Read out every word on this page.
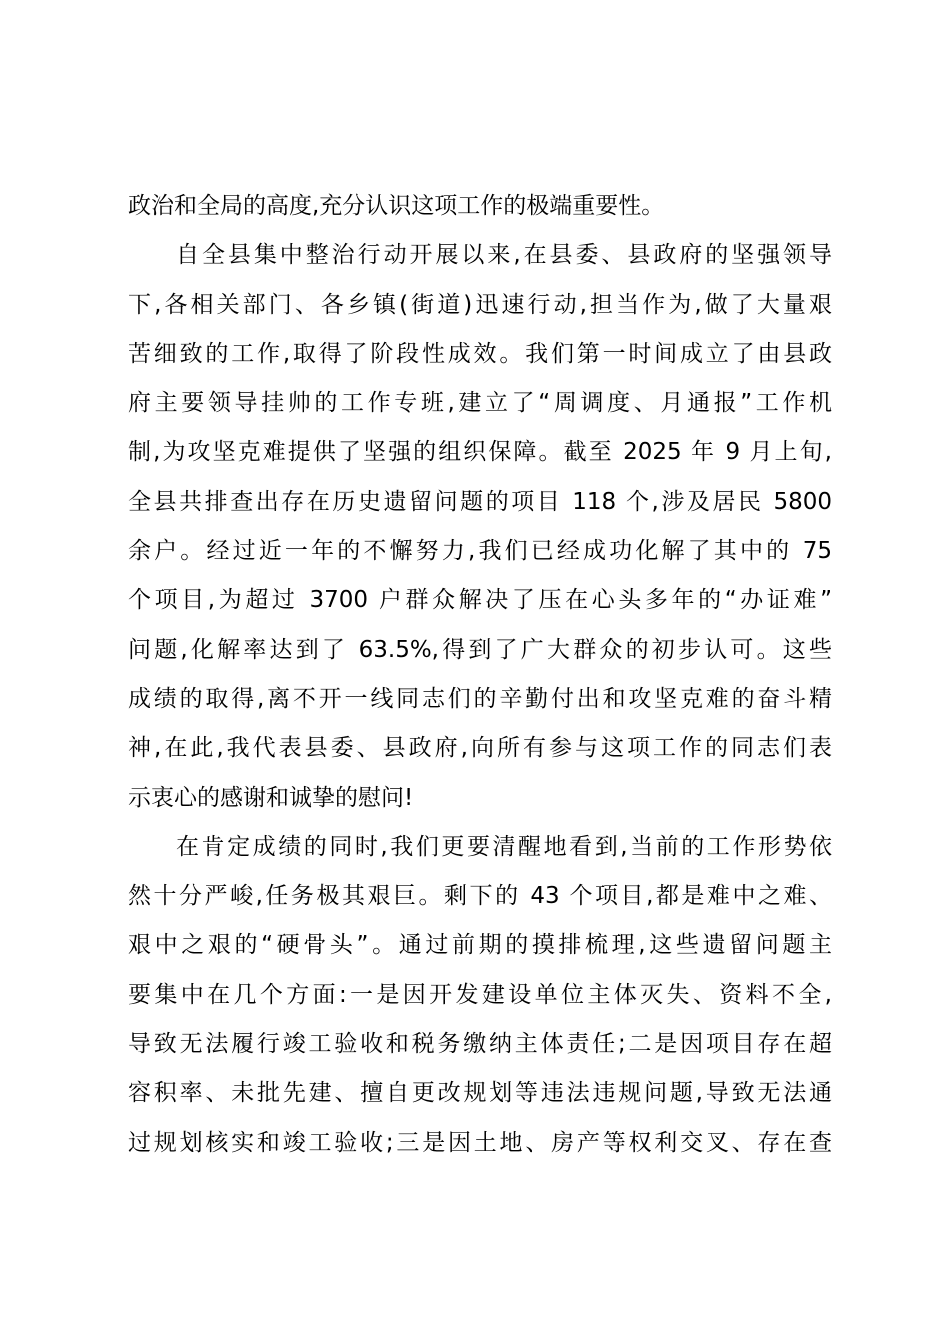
政治和全局的高度,充分认识这项工作的极端重要性。
自全县集中整治行动开展以来,在县委、县政府的坚强领导
下,各相关部门、各乡镇(街道)迅速行动,担当作为,做了大量艰
苦细致的工作,取得了阶段性成效。我们第一时间成立了由县政
府主要领导挂帅的工作专班,建立了“周调度、月通报”工作机
制,为攻坚克难提供了坚强的组织保障。截至 2025 年 9 月上旬,
全县共排查出存在历史遗留问题的项目 118 个,涉及居民 5800
余户。经过近一年的不懈努力,我们已经成功化解了其中的 75
个项目,为超过 3700 户群众解决了压在心头多年的“办证难”
问题,化解率达到了 63.5%,得到了广大群众的初步认可。这些
成绩的取得,离不开一线同志们的辛勤付出和攻坚克难的奋斗精
神,在此,我代表县委、县政府,向所有参与这项工作的同志们表
示衷心的感谢和诚挚的慰问!
在肯定成绩的同时,我们更要清醒地看到,当前的工作形势依
然十分严峻,任务极其艰巨。剩下的 43 个项目,都是难中之难、
艰中之艰的“硬骨头”。通过前期的摸排梳理,这些遗留问题主
要集中在几个方面:一是因开发建设单位主体灭失、资料不全,
导致无法履行竣工验收和税务缴纳主体责任;二是因项目存在超
容积率、未批先建、擅自更改规划等违法违规问题,导致无法通
过规划核实和竣工验收;三是因土地、房产等权利交叉、存在查
